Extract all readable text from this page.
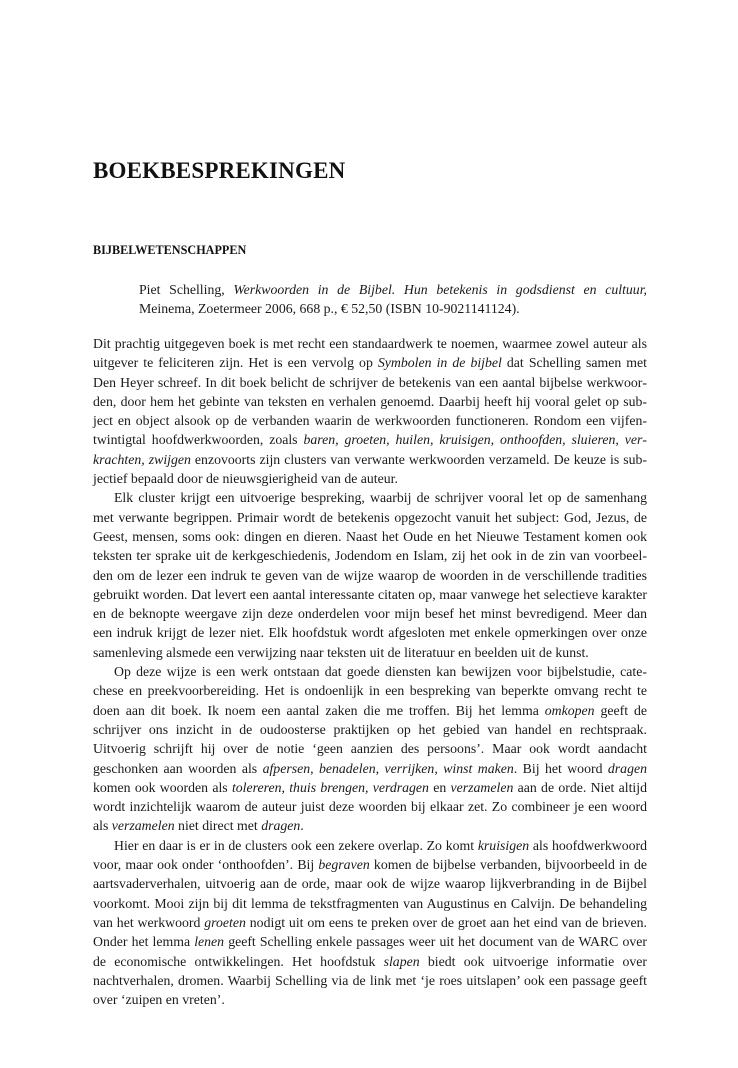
BOEKBESPREKINGEN
BIJBELWETENSCHAPPEN

Piet Schelling, Werkwoorden in de Bijbel. Hun betekenis in godsdienst en cultuur, Meinema, Zoetermeer 2006, 668 p., € 52,50 (ISBN 10-9021141124).

Dit prachtig uitgegeven boek is met recht een standaardwerk te noemen, waarmee zowel auteur als uitgever te feliciteren zijn. Het is een vervolg op Symbolen in de bijbel dat Schelling samen met Den Heyer schreef. In dit boek belicht de schrijver de betekenis van een aantal bijbelse werkwoorden, door hem het gebinte van teksten en verhalen genoemd. Daarbij heeft hij vooral gelet op subject en object alsook op de verbanden waarin de werkwoorden functioneren. Rondom een vijfentwintigtal hoofdwerkwoorden, zoals baren, groeten, huilen, kruisigen, onthoofden, sluieren, verkrachten, zwijgen enzovoorts zijn clusters van verwante werkwoorden verzameld. De keuze is subjectief bepaald door de nieuwsgierigheid van de auteur.

Elk cluster krijgt een uitvoerige bespreking, waarbij de schrijver vooral let op de samenhang met verwante begrippen. Primair wordt de betekenis opgezocht vanuit het subject: God, Jezus, de Geest, mensen, soms ook: dingen en dieren. Naast het Oude en het Nieuwe Testament komen ook teksten ter sprake uit de kerkgeschiedenis, Jodendom en Islam, zij het ook in de zin van voorbeelden om de lezer een indruk te geven van de wijze waarop de woorden in de verschillende tradities gebruikt worden. Dat levert een aantal interessante citaten op, maar vanwege het selectieve karakter en de beknopte weergave zijn deze onderdelen voor mijn besef het minst bevredigend. Meer dan een indruk krijgt de lezer niet. Elk hoofdstuk wordt afgesloten met enkele opmerkingen over onze samenleving alsmede een verwijzing naar teksten uit de literatuur en beelden uit de kunst.

Op deze wijze is een werk ontstaan dat goede diensten kan bewijzen voor bijbelstudie, catechese en preekvoorbereiding. Het is ondoenlijk in een bespreking van beperkte omvang recht te doen aan dit boek. Ik noem een aantal zaken die me troffen. Bij het lemma omkopen geeft de schrijver ons inzicht in de oudoosterse praktijken op het gebied van handel en rechtspraak. Uitvoerig schrijft hij over de notie ‘geen aanzien des persoons’. Maar ook wordt aandacht geschonken aan woorden als afpersen, benadelen, verrijken, winst maken. Bij het woord dragen komen ook woorden als tolereren, thuis brengen, verdragen en verzamelen aan de orde. Niet altijd wordt inzichtelijk waarom de auteur juist deze woorden bij elkaar zet. Zo combineer je een woord als verzamelen niet direct met dragen.

Hier en daar is er in de clusters ook een zekere overlap. Zo komt kruisigen als hoofdwerkwoord voor, maar ook onder ‘onthoofden’. Bij begraven komen de bijbelse verbanden, bijvoorbeeld in de aartsvaderverhalen, uitvoerig aan de orde, maar ook de wijze waarop lijkverbranding in de Bijbel voorkomt. Mooi zijn bij dit lemma de tekstfragmenten van Augustinus en Calvijn. De behandeling van het werkwoord groeten nodigt uit om eens te preken over de groet aan het eind van de brieven. Onder het lemma lenen geeft Schelling enkele passages weer uit het document van de WARC over de economische ontwikkelingen. Het hoofdstuk slapen biedt ook uitvoerige informatie over nachtverhalen, dromen. Waarbij Schelling via de link met ‘je roes uitslapen’ ook een passage geeft over ‘zuipen en vreten’.
